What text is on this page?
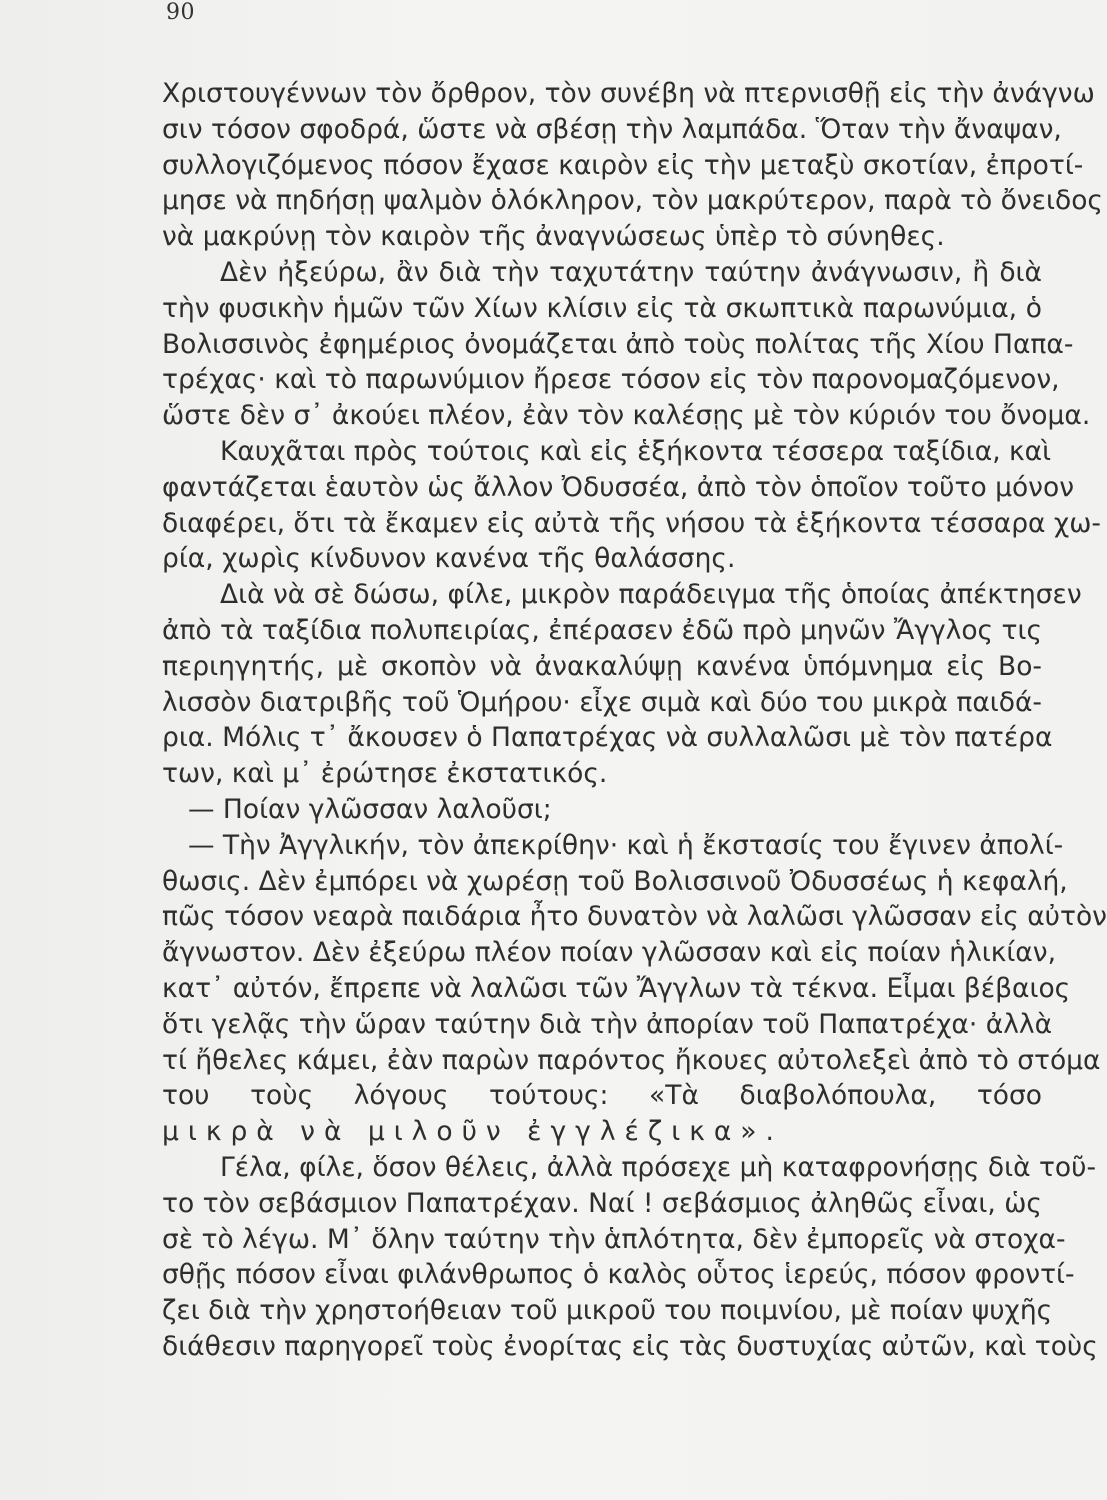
90
Χριστουγέννων τὸν ὄρθρον, τὸν συνέβη νὰ πτερνισθῇ εἰς τὴν ἀνάγνω
σιν τόσον σφοδρά, ὥστε νὰ σβέσῃ τὴν λαμπάδα. Ὅταν τὴν ἄναψαν,
συλλογιζόμενος πόσον ἔχασε καιρὸν εἰς τὴν μεταξὺ σκοτίαν, ἐπροτί-
μησε νὰ πηδήσῃ ψαλμὸν ὁλόκληρον, τὸν μακρύτερον, παρὰ τὸ ὄνειδος
νὰ μακρύνῃ τὸν καιρὸν τῆς ἀναγνώσεως ὑπὲρ τὸ σύνηθες.
Δὲν ἠξεύρω, ἂν διὰ τὴν ταχυτάτην ταύτην ἀνάγνωσιν, ἢ διὰ
τὴν φυσικὴν ἡμῶν τῶν Χίων κλίσιν εἰς τὰ σκωπτικὰ παρωνύμια, ὁ
Βολισσινὸς ἐφημέριος ὀνομάζεται ἀπὸ τοὺς πολίτας τῆς Χίου Παπα-
τρέχας· καὶ τὸ παρωνύμιον ἤρεσε τόσον εἰς τὸν παρονομαζόμενον,
ὥστε δὲν σ᾽ ἀκούει πλέον, ἐὰν τὸν καλέσῃς μὲ τὸν κύριόν του ὄνομα.
Καυχᾶται πρὸς τούτοις καὶ εἰς ἑξήκοντα τέσσερα ταξίδια, καὶ
φαντάζεται ἑαυτὸν ὡς ἄλλον Ὀδυσσέα, ἀπὸ τὸν ὁποῖον τοῦτο μόνον
διαφέρει, ὅτι τὰ ἔκαμεν εἰς αὐτὰ τῆς νήσου τὰ ἑξήκοντα τέσσαρα χω-
ρία, χωρὶς κίνδυνον κανένα τῆς θαλάσσης.
Διὰ νὰ σὲ δώσω, φίλε, μικρὸν παράδειγμα τῆς ὁποίας ἀπέκτησεν
ἀπὸ τὰ ταξίδια πολυπειρίας, ἐπέρασεν ἐδῶ πρὸ μηνῶν Ἄγγλος τις
περιηγητής, μὲ σκοπὸν νὰ ἀνακαλύψῃ κανένα ὑπόμνημα εἰς Βο-
λισσὸν διατριβῆς τοῦ Ὁμήρου· εἶχε σιμὰ καὶ δύο του μικρὰ παιδά-
ρια. Μόλις τ᾽ ἄκουσεν ὁ Παπατρέχας νὰ συλλαλῶσι μὲ τὸν πατέρα
των, καὶ μ᾽ ἐρώτησε ἐκστατικός.
— Ποίαν γλῶσσαν λαλοῦσι;
— Τὴν Ἀγγλικήν, τὸν ἀπεκρίθην· καὶ ἡ ἔκστασίς του ἔγινεν ἀπολί-
θωσις. Δὲν ἐμπόρει νὰ χωρέσῃ τοῦ Βολισσινοῦ Ὀδυσσέως ἡ κεφαλή,
πῶς τόσον νεαρὰ παιδάρια ἦτο δυνατὸν νὰ λαλῶσι γλῶσσαν εἰς αὐτὸν
ἄγνωστον. Δὲν ἐξεύρω πλέον ποίαν γλῶσσαν καὶ εἰς ποίαν ἡλικίαν,
κατ᾽ αὐτόν, ἔπρεπε νὰ λαλῶσι τῶν Ἄγγλων τὰ τέκνα. Εἶμαι βέβαιος
ὅτι γελᾷς τὴν ὥραν ταύτην διὰ τὴν ἀπορίαν τοῦ Παπατρέχα· ἀλλὰ
τί ἤθελες κάμει, ἐὰν παρὼν παρόντος ἤκουες αὐτολεξεὶ ἀπὸ τὸ στόμα
του τοὺς λόγους τούτους: «Τὰ διαβολόπουλα, τόσο
μικρὰ νὰ μιλοῦν ἐγγλέζικα».
Γέλα, φίλε, ὅσον θέλεις, ἀλλὰ πρόσεχε μὴ καταφρονήσῃς διὰ τοῦ-
το τὸν σεβάσμιον Παπατρέχαν. Ναί ! σεβάσμιος ἀληθῶς εἶναι, ὡς
σὲ τὸ λέγω. Μ᾽ ὅλην ταύτην τὴν ἁπλότητα, δὲν ἐμπορεῖς νὰ στοχα-
σθῇς πόσον εἶναι φιλάνθρωπος ὁ καλὸς οὗτος ἱερεύς, πόσον φροντί-
ζει διὰ τὴν χρηστοήθειαν τοῦ μικροῦ του ποιμνίου, μὲ ποίαν ψυχῆς
διάθεσιν παρηγορεῖ τοὺς ἐνορίτας εἰς τὰς δυστυχίας αὐτῶν, καὶ τοὺς
